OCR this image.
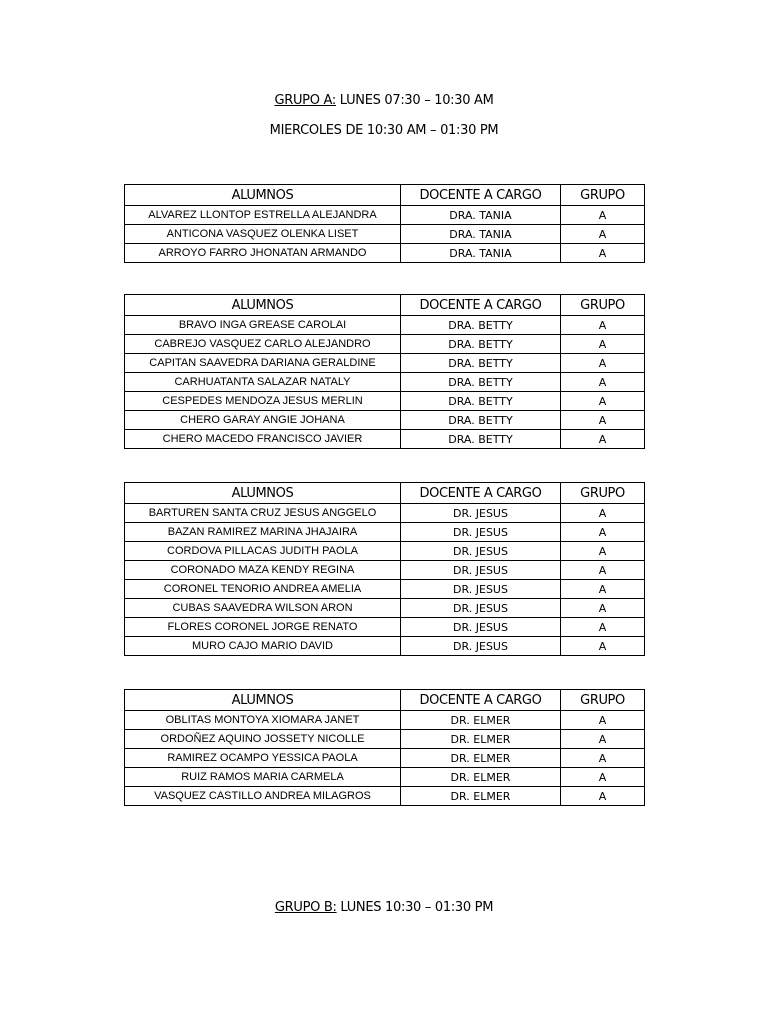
GRUPO A: LUNES 07:30 – 10:30 AM
MIERCOLES DE 10:30 AM – 01:30 PM
ALUMNOS	DOCENTE A CARGO	GRUPO
ALVAREZ LLONTOP ESTRELLA ALEJANDRA	DRA. TANIA	A
ANTICONA VASQUEZ OLENKA LISET	DRA. TANIA	A
ARROYO FARRO JHONATAN ARMANDO	DRA. TANIA	A
ALUMNOS	DOCENTE A CARGO	GRUPO
BRAVO INGA GREASE CAROLAI	DRA. BETTY	A
CABREJO VASQUEZ CARLO ALEJANDRO	DRA. BETTY	A
CAPITAN SAAVEDRA DARIANA GERALDINE	DRA. BETTY	A
CARHUATANTA SALAZAR NATALY	DRA. BETTY	A
CESPEDES MENDOZA JESUS MERLIN	DRA. BETTY	A
CHERO GARAY ANGIE JOHANA	DRA. BETTY	A
CHERO MACEDO FRANCISCO JAVIER	DRA. BETTY	A
ALUMNOS	DOCENTE A CARGO	GRUPO
BARTUREN SANTA CRUZ JESUS ANGGELO	DR. JESUS	A
BAZAN RAMIREZ MARINA JHAJAIRA	DR. JESUS	A
CORDOVA PILLACAS JUDITH PAOLA	DR. JESUS	A
CORONADO MAZA KENDY REGINA	DR. JESUS	A
CORONEL TENORIO ANDREA AMELIA	DR. JESUS	A
CUBAS SAAVEDRA WILSON ARON	DR. JESUS	A
FLORES CORONEL JORGE RENATO	DR. JESUS	A
MURO CAJO MARIO DAVID	DR. JESUS	A
ALUMNOS	DOCENTE A CARGO	GRUPO
OBLITAS MONTOYA XIOMARA JANET	DR. ELMER	A
ORDOÑEZ AQUINO JOSSETY NICOLLE	DR. ELMER	A
RAMIREZ OCAMPO YESSICA PAOLA	DR. ELMER	A
RUIZ RAMOS MARIA CARMELA	DR. ELMER	A
VASQUEZ CASTILLO ANDREA MILAGROS	DR. ELMER	A
GRUPO B: LUNES 10:30 – 01:30 PM
